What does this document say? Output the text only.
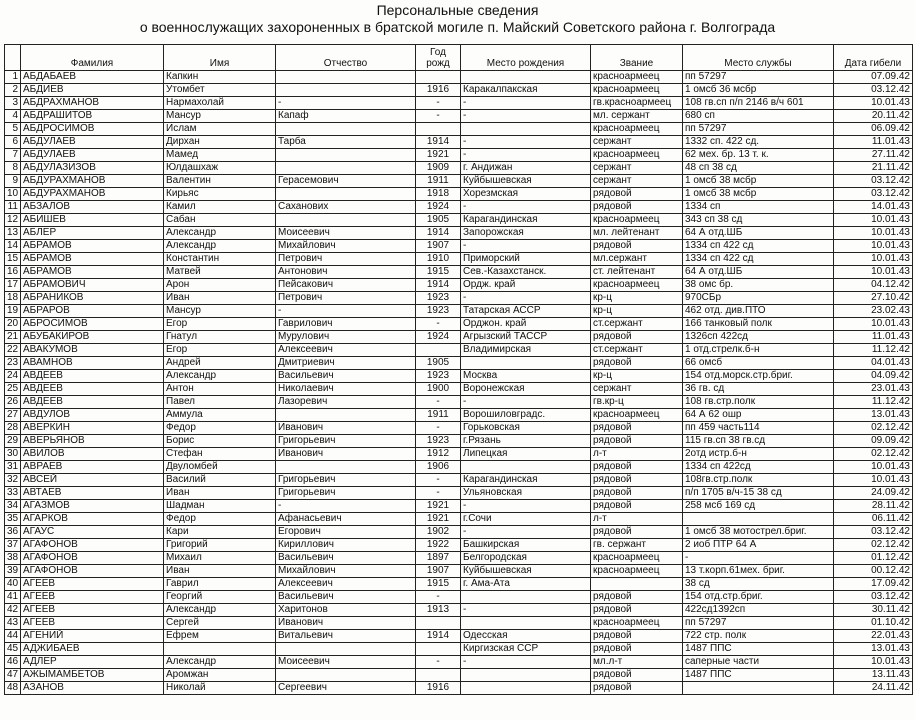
Персональные сведения
о военнослужащих захороненных в братской могиле п. Майский Советского района г. Волгограда
	Фамилия	Имя	Отчество	Год рожд	Место рождения	Звание	Место службы	Дата гибели
1	АБДАБАЕВ	Капкин				красноармеец	пп 57297	07.09.42
2	АБДИЕВ	Утомбет		1916	Каракалпакская	красноармеец	1 омсб 36 мсбр	03.12.42
3	АБДРАХМАНОВ	Нармахолай	-	-	-	гв.красноармеец	108 гв.сп п/п 2146 в/ч 601	10.01.43
4	АБДРАШИТОВ	Мансур	Капаф	-	-	мл. сержант	680 сп	20.11.42
5	АБДРОСИМОВ	Ислам				красноармеец	пп 57297	06.09.42
6	АБДУЛАЕВ	Дирхан	Тарба	1914	-	сержант	1332 сп. 422 сд.	11.01.43
7	АБДУЛАЕВ	Мамед		1921	-	красноармеец	62 мех. бр. 13 т. к.	27.11.42
8	АБДУЛАЗИЗОВ	Юлдашхаж		1909	г. Андижан	сержант	48 сп 38 сд	21.11.42
9	АБДУРАХМАНОВ	Валентин	Герасемович	1911	Куйбышевская	сержант	1 омсб 38 мсбр	03.12.42
10	АБДУРАХМАНОВ	Кирьяс		1918	Хорезмская	рядовой	1 омсб 38 мсбр	03.12.42
11	АБЗАЛОВ	Камил	Сахановиx	1924	-	рядовой	1334 сп	14.01.43
12	АБИШЕВ	Сабан		1905	Карагандинская	красноармеец	343 сп 38 сд	10.01.43
13	АБЛЕР	Александр	Моисеевич	1914	Запорожская	мл. лейтенант	64 А отд.ШБ	10.01.43
14	АБРАМОВ	Александр	Михайлович	1907	-	рядовой	1334 сп 422 сд	10.01.43
15	АБРАМОВ	Константин	Петрович	1910	Приморский	мл.сержант	1334 сп 422 сд	10.01.43
16	АБРАМОВ	Матвей	Антонович	1915	Сев.-Казахстанск.	ст. лейтенант	64 А отд.ШБ	10.01.43
17	АБРАМОВИЧ	Арон	Пейсакович	1914	Ордж. край	красноармеец	38 омс бр.	04.12.42
18	АБРАНИКОВ	Иван	Петрович	1923	-	кр-ц	970СБр	27.10.42
19	АБРАРОВ	Мансур	-	1923	Татарская АССР	кр-ц	462 отд. див.ПТО	23.02.43
20	АБРОСИМОВ	Егор	Гаврилович	-	Орджон. край	ст.сержант	166 танковый полк	10.01.43
21	АБУБАКИРОВ	Гнатул	Мурулович	1924	Агрызский ТАССР	рядовой	1326сп 422сд	11.01.43
22	АВАКУМОВ	Егор	Алексеевич		Владимирская	ст.сержант	1 отд.стрелк.б-н	11.12.42
23	АВАМНОВ	Андрей	Дмитриевич	1905		рядовой	66 омсб	04.01.43
24	АВДЕЕВ	Александр	Васильевич	1923	Москва	кр-ц	154 отд.морск.стр.бриг.	04.09.42
25	АВДЕЕВ	Антон	Николаевич	1900	Воронежская	сержант	36 гв. сд	23.01.43
26	АВДЕЕВ	Павел	Лазоревич	-	-	гв.кр-ц	108 гв.стр.полк	11.12.42
27	АВДУЛОВ	Аммула		1911	Ворошиловградс.	красноармеец	64 А 62 ошр	13.01.43
28	АВЕРКИН	Федор	Иванович	-	Горьковская	рядовой	пп 459 часть114	02.12.42
29	АВЕРЬЯНОВ	Борис	Григорьевич	1923	г.Рязань	рядовой	115 гв.сп 38 гв.сд	09.09.42
30	АВИЛОВ	Стефан	Иванович	1912	Липецкая	л-т	2отд истр.б-н	02.12.42
31	АВРАЕВ	Двуломбей		1906		рядовой	1334 сп 422сд	10.01.43
32	АВСЕЙ	Василий	Григорьевич	-	Карагандинская	рядовой	108гв.стр.полк	10.01.43
33	АВТАЕВ	Иван	Григорьевич	-	Ульяновская	рядовой	п/п 1705 в/ч-15 38 сд	24.09.42
34	АГАЗМОВ	Шадман	-	1921	-	рядовой	258 мсб 169 сд	28.11.42
35	АГАРКОВ	Федор	Афанасьевич	1921	г.Сочи	л-т		06.11.42
36	АГАУС	Кари	Егорович	1902	-	рядовой	1 омсб 38 мотострел.бриг.	03.12.42
37	АГАФОНОВ	Григорий	Кириллович	1922	Башкирская	гв. сержант	2 иоб ПТР 64 А	02.12.42
38	АГАФОНОВ	Михаил	Васильевич	1897	Белгородская	красноармеец	-	01.12.42
39	АГАФОНОВ	Иван	Михайлович	1907	Куйбышевская	красноармеец	13 т.корп.61мех. бриг.	00.12.42
40	АГЕЕВ	Гаврил	Алексеевич	1915	г. Ама-Ата		38 сд	17.09.42
41	АГЕЕВ	Георгий	Васильевич	-		рядовой	154 отд.стр.бриг.	03.12.42
42	АГЕЕВ	Александр	Харитонов	1913	-	рядовой	422сд1392сп	30.11.42
43	АГЕЕВ	Сергей	Иванович			красноармеец	пп 57297	01.10.42
44	АГЕНИЙ	Ефрем	Витальевич	1914	Одесская	рядовой	722 стр. полк	22.01.43
45	АДЖИБАЕВ				Киргизская ССР	рядовой	1487 ППС	13.01.43
46	АДЛЕР	Александр	Моисеевич	-	-	мл.л-т	саперные части	10.01.43
47	АЖЫМАМБЕТОВ	Аромжан				рядовой	1487 ППС	13.11.43
48	АЗАНОВ	Николай	Сергеевич	1916		рядовой		24.11.42
